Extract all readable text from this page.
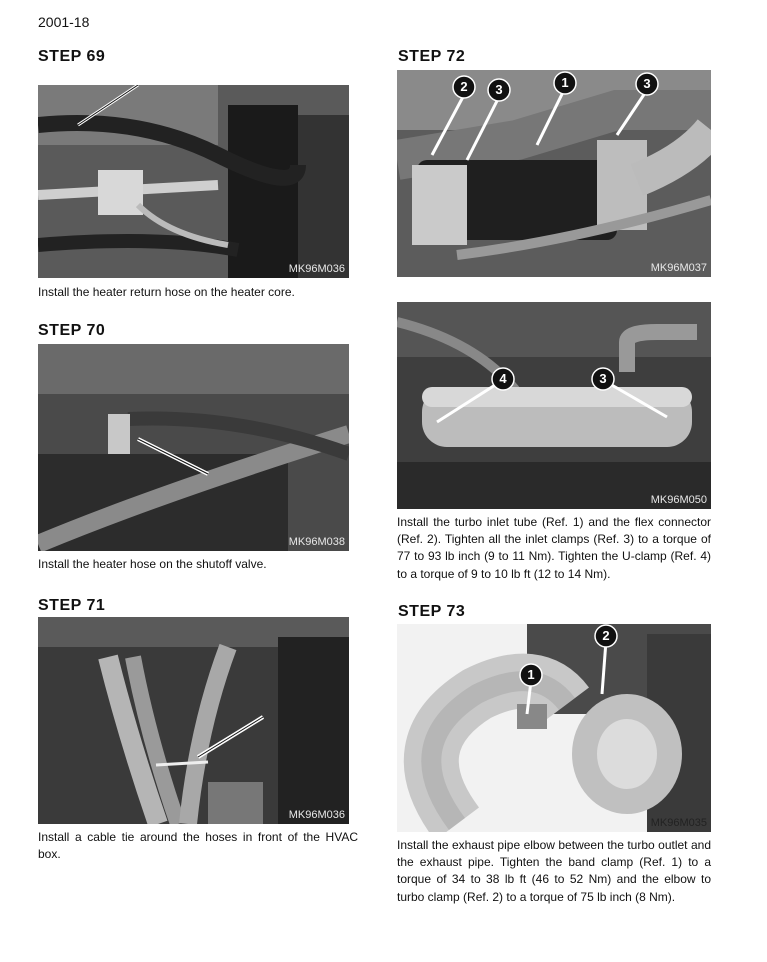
2001-18
STEP 69
MK96M036
Install the heater return hose on the heater core.
STEP 70
MK96M038
Install the heater hose on the shutoff valve.
STEP 71
MK96M036
Install a cable tie around the hoses in front of the HVAC box.
STEP 72
2 3	1	3
MK96M037
4	3
MK96M050
Install the turbo inlet tube (Ref. 1) and the flex connector (Ref. 2). Tighten all the inlet clamps (Ref. 3) to a torque of 77 to 93 lb inch (9 to 11 Nm). Tighten the U-clamp (Ref. 4) to a torque of 9 to 10 lb ft (12 to 14 Nm).
STEP 73
1
2
MK96M035
Install the exhaust pipe elbow between the turbo outlet and the exhaust pipe. Tighten the band clamp (Ref. 1) to a torque of 34 to 38 lb ft (46 to 52 Nm) and the elbow to turbo clamp (Ref. 2) to a torque of 75 lb inch (8 Nm).
